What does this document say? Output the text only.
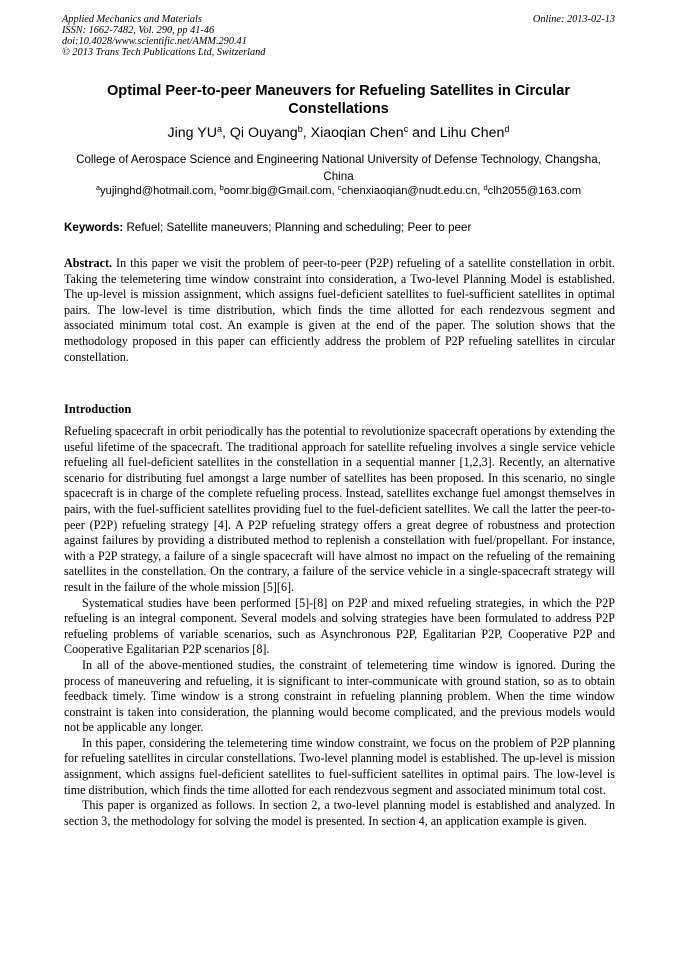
Applied Mechanics and Materials
ISSN: 1662-7482, Vol. 290, pp 41-46
doi:10.4028/www.scientific.net/AMM.290.41
© 2013 Trans Tech Publications Ltd, Switzerland
Online: 2013-02-13
Optimal Peer-to-peer Maneuvers for Refueling Satellites in Circular Constellations
Jing $YU^a$, Qi Ouyang$^b$, Xiaoqian Chen$^c$ and Lihu Chen$^d$
College of Aerospace Science and Engineering National University of Defense Technology, Changsha, China
$^a$yujinghd@hotmail.com, $^b$oomr.big@Gmail.com, $^c$chenxiaoqian@nudt.edu.cn, $^d$clh2055@163.com
Keywords: Refuel; Satellite maneuvers; Planning and scheduling; Peer to peer
Abstract. In this paper we visit the problem of peer-to-peer (P2P) refueling of a satellite constellation in orbit. Taking the telemetering time window constraint into consideration, a Two-level Planning Model is established. The up-level is mission assignment, which assigns fuel-deficient satellites to fuel-sufficient satellites in optimal pairs. The low-level is time distribution, which finds the time allotted for each rendezvous segment and associated minimum total cost. An example is given at the end of the paper. The solution shows that the methodology proposed in this paper can efficiently address the problem of P2P refueling satellites in circular constellation.
Introduction

Refueling spacecraft in orbit periodically has the potential to revolutionize spacecraft operations by extending the useful lifetime of the spacecraft. The traditional approach for satellite refueling involves a single service vehicle refueling all fuel-deficient satellites in the constellation in a sequential manner [1,2,3]. Recently, an alternative scenario for distributing fuel amongst a large number of satellites has been proposed. In this scenario, no single spacecraft is in charge of the complete refueling process. Instead, satellites exchange fuel amongst themselves in pairs, with the fuel-sufficient satellites providing fuel to the fuel-deficient satellites. We call the latter the peer-to-peer (P2P) refueling strategy [4]. A P2P refueling strategy offers a great degree of robustness and protection against failures by providing a distributed method to replenish a constellation with fuel/propellant. For instance, with a P2P strategy, a failure of a single spacecraft will have almost no impact on the refueling of the remaining satellites in the constellation. On the contrary, a failure of the service vehicle in a single-spacecraft strategy will result in the failure of the whole mission [5][6].

Systematical studies have been performed [5]-[8] on P2P and mixed refueling strategies, in which the P2P refueling is an integral component. Several models and solving strategies have been formulated to address P2P refueling problems of variable scenarios, such as Asynchronous P2P, Egalitarian P2P, Cooperative P2P and Cooperative Egalitarian P2P scenarios [8].

In all of the above-mentioned studies, the constraint of telemetering time window is ignored. During the process of maneuvering and refueling, it is significant to inter-communicate with ground station, so as to obtain feedback timely. Time window is a strong constraint in refueling planning problem. When the time window constraint is taken into consideration, the planning would become complicated, and the previous models would not be applicable any longer.

In this paper, considering the telemetering time window constraint, we focus on the problem of P2P planning for refueling satellites in circular constellations. Two-level planning model is established. The up-level is mission assignment, which assigns fuel-deficient satellites to fuel-sufficient satellites in optimal pairs. The low-level is time distribution, which finds the time allotted for each rendezvous segment and associated minimum total cost.

This paper is organized as follows. In section 2, a two-level planning model is established and analyzed. In section 3, the methodology for solving the model is presented. In section 4, an application example is given.
